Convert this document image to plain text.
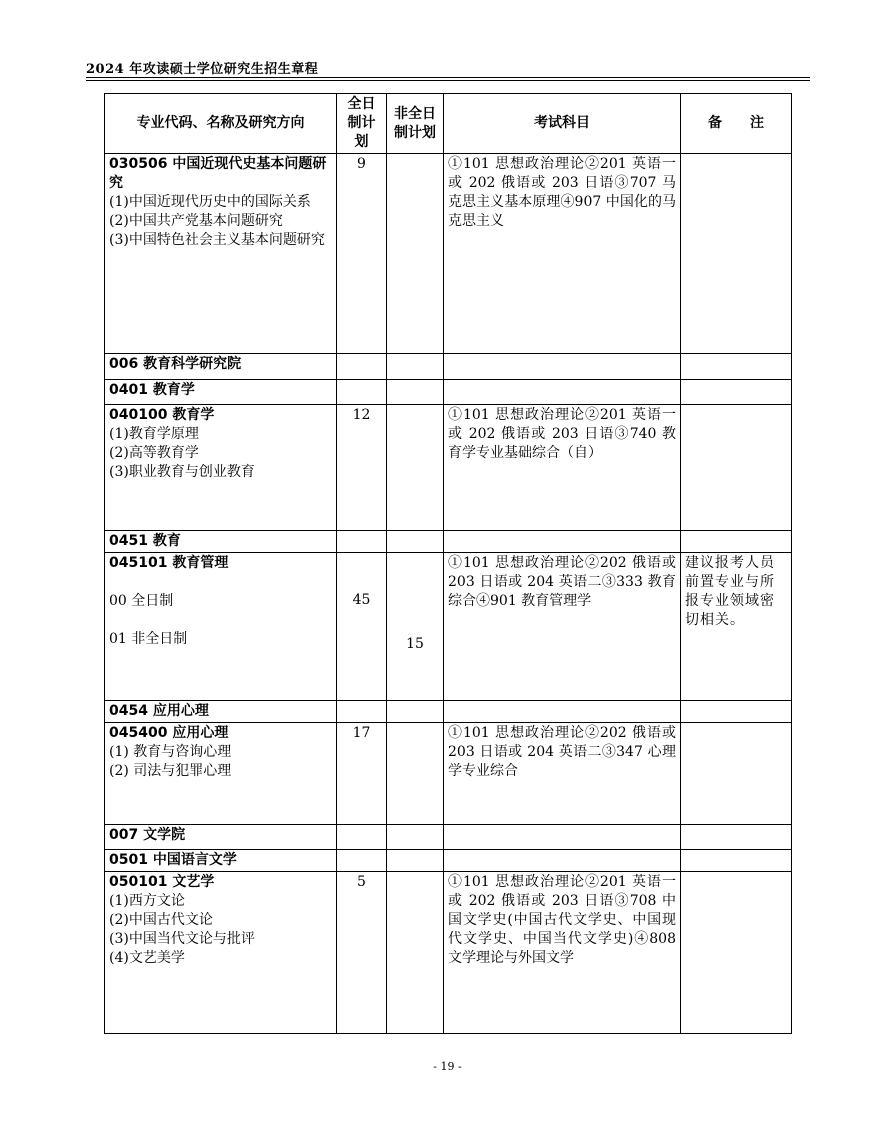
2024 年攻读硕士学位研究生招生章程
专业代码、名称及研究方向	全日制计划	非全日制计划	考试科目	备　　注

030506 中国近现代史基本问题研究
(1)中国近现代历史中的国际关系
(2)中国共产党基本问题研究
(3)中国特色社会主义基本问题研究	9		①101 思想政治理论②201 英语一或 202 俄语或 203 日语③707 马克思主义基本原理④907 中国化的马克思主义	

006 教育科学研究院				
0401 教育学				

040100 教育学
(1)教育学原理
(2)高等教育学
(3)职业教育与创业教育	12		①101 思想政治理论②201 英语一或 202 俄语或 203 日语③740 教育学专业基础综合（自）	

0451 教育				

045101 教育管理
00 全日制
01 非全日制	45	15	①101 思想政治理论②202 俄语或 203 日语或 204 英语二③333 教育综合④901 教育管理学	建议报考人员前置专业与所报专业领域密切相关。

0454 应用心理				

045400 应用心理
(1) 教育与咨询心理
(2) 司法与犯罪心理	17		①101 思想政治理论②202 俄语或 203 日语或 204 英语二③347 心理学专业综合	

007 文学院				
0501 中国语言文学				

050101 文艺学
(1)西方文论
(2)中国古代文论
(3)中国当代文论与批评
(4)文艺美学	5		①101 思想政治理论②201 英语一或 202 俄语或 203 日语③708 中国文学史(中国古代文学史、中国现代文学史、中国当代文学史)④808 文学理论与外国文学	

- 19 -
